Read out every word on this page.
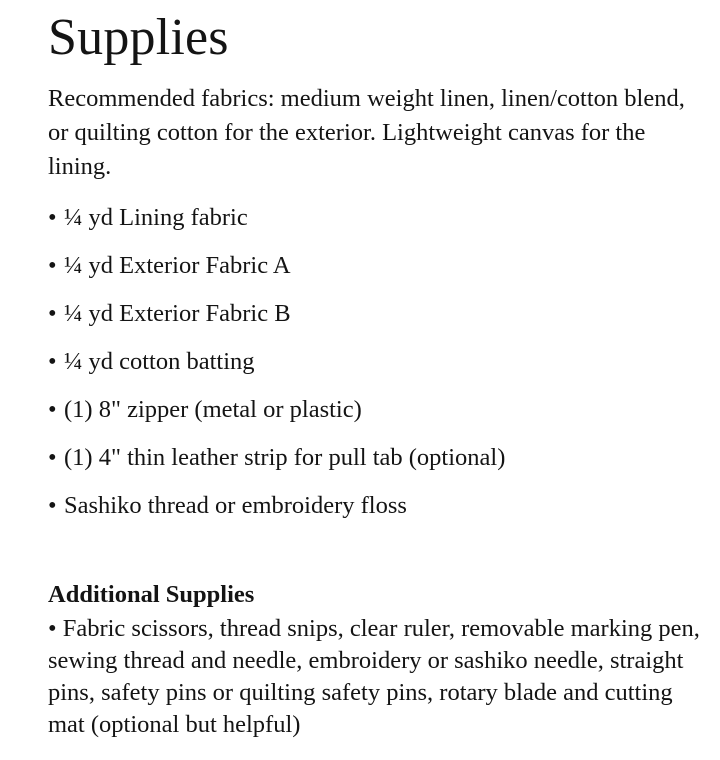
Supplies

Recommended fabrics: medium weight linen, linen/cotton blend, or quilting cotton for the exterior. Lightweight canvas for the lining.

• ¼ yd Lining fabric
• ¼ yd Exterior Fabric A
• ¼ yd Exterior Fabric B
• ¼ yd cotton batting
• (1) 8" zipper (metal or plastic)
• (1) 4" thin leather strip for pull tab (optional)
• Sashiko thread or embroidery floss
Additional Supplies

• Fabric scissors, thread snips, clear ruler, removable marking pen, sewing thread and needle, embroidery or sashiko needle, straight pins, safety pins or quilting safety pins, rotary blade and cutting mat (optional but helpful)
